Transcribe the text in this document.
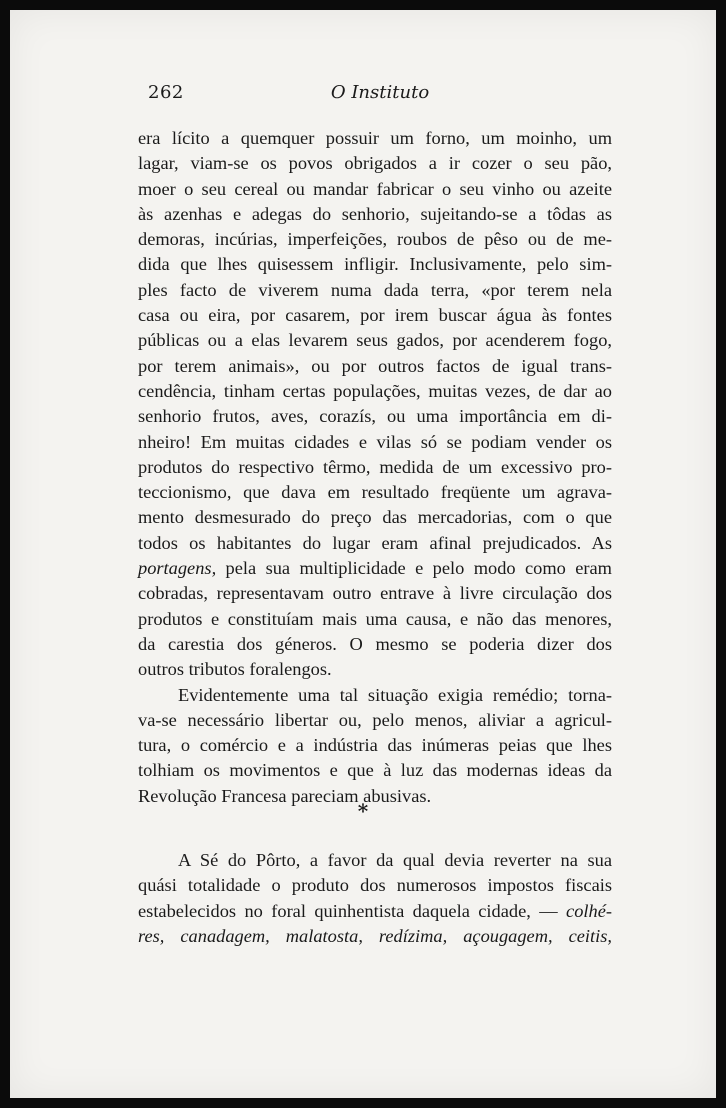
262	O Instituto
era lícito a quemquer possuir um forno, um moinho, um
lagar, viam-se os povos obrigados a ir cozer o seu pão,
moer o seu cereal ou mandar fabricar o seu vinho ou azeite
às azenhas e adegas do senhorio, sujeitando-se a tôdas as
demoras, incúrias, imperfeições, roubos de pêso ou de me-
dida que lhes quisessem infligir. Inclusivamente, pelo sim-
ples facto de viverem numa dada terra, «por terem nela
casa ou eira, por casarem, por irem buscar água às fontes
públicas ou a elas levarem seus gados, por acenderem fogo,
por terem animais», ou por outros factos de igual trans-
cendência, tinham certas populações, muitas vezes, de dar ao
senhorio frutos, aves, corazís, ou uma importância em di-
nheiro! Em muitas cidades e vilas só se podiam vender os
produtos do respectivo têrmo, medida de um excessivo pro-
teccionismo, que dava em resultado freqüente um agrava-
mento desmesurado do preço das mercadorias, com o que
todos os habitantes do lugar eram afinal prejudicados. As
portagens, pela sua multiplicidade e pelo modo como eram
cobradas, representavam outro entrave à livre circulação dos
produtos e constituíam mais uma causa, e não das menores,
da carestia dos géneros. O mesmo se poderia dizer dos
outros tributos foralengos.
Evidentemente uma tal situação exigia remédio; torna-
va-se necessário libertar ou, pelo menos, aliviar a agricul-
tura, o comércio e a indústria das inúmeras peias que lhes
tolhiam os movimentos e que à luz das modernas ideas da
Revolução Francesa pareciam abusivas.
*
A Sé do Pôrto, a favor da qual devia reverter na sua
quási totalidade o produto dos numerosos impostos fiscais
estabelecidos no foral quinhentista daquela cidade, — colhé-
res, canadagem, malatosta, redízima, açougagem, ceitis,
